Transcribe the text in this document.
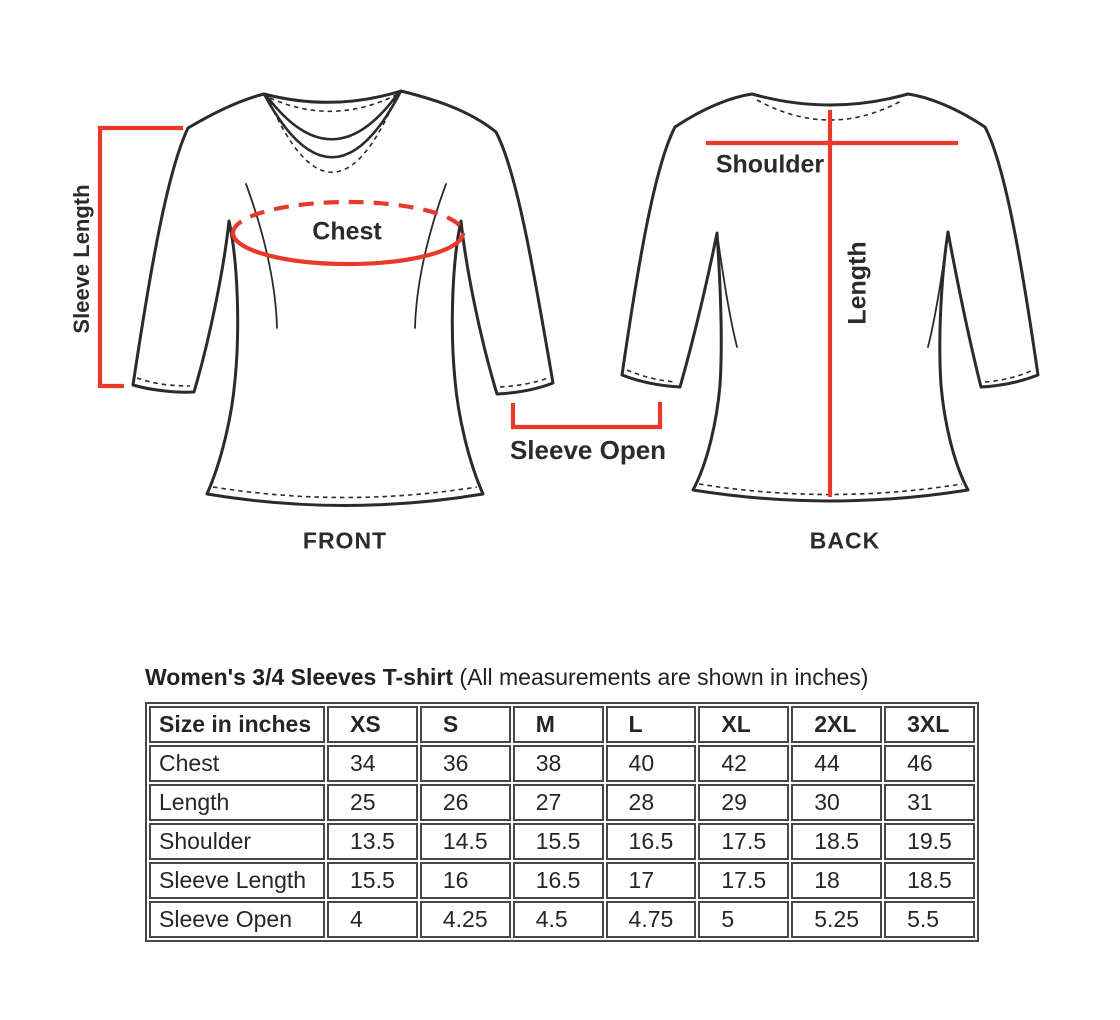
Sleeve Length	Chest
Shoulder
Length
Sleeve Open
FRONT	BACK
Women's 3/4 Sleeves T-shirt (All measurements are shown in inches)
Size in inches	XS	S	M	L	XL	2XL	3XL
Chest	34	36	38	40	42	44	46
Length	25	26	27	28	29	30	31
Shoulder	13.5	14.5	15.5	16.5	17.5	18.5	19.5
Sleeve Length	15.5	16	16.5	17	17.5	18	18.5
Sleeve Open	4	4.25	4.5	4.75	5	5.25	5.5
